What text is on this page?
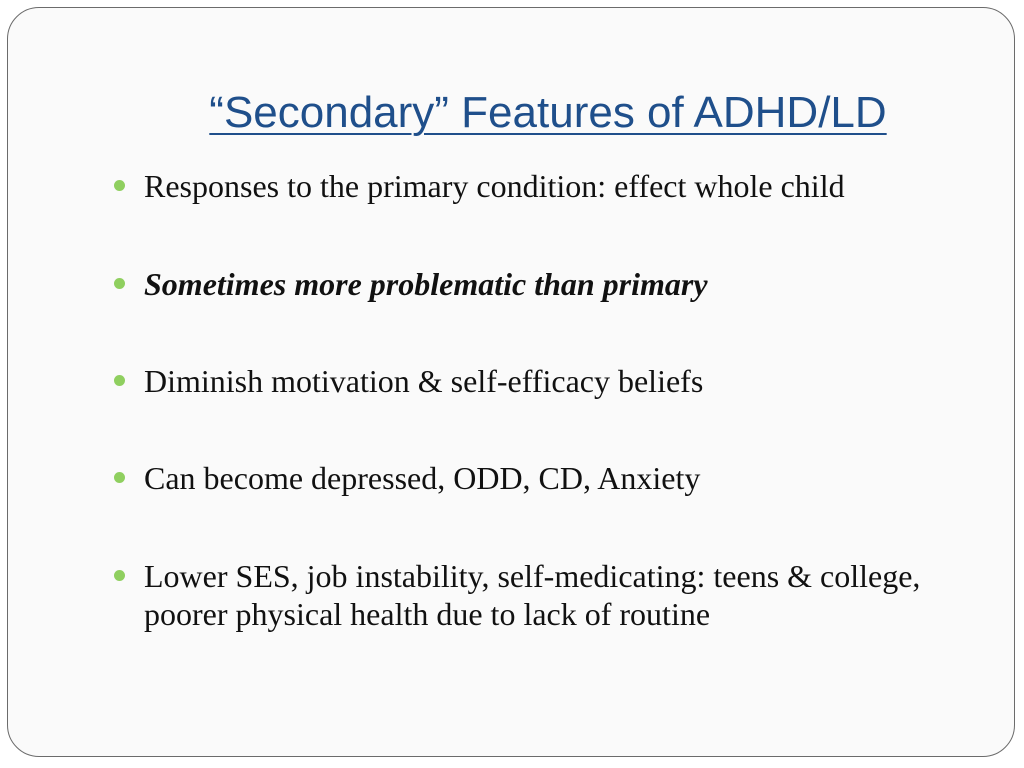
“Secondary” Features of ADHD/LD
Responses to the primary condition: effect whole child
Sometimes more problematic than primary
Diminish motivation & self-efficacy beliefs
Can become depressed, ODD, CD, Anxiety
Lower SES, job instability, self-medicating: teens & college, poorer physical health due to lack of routine
